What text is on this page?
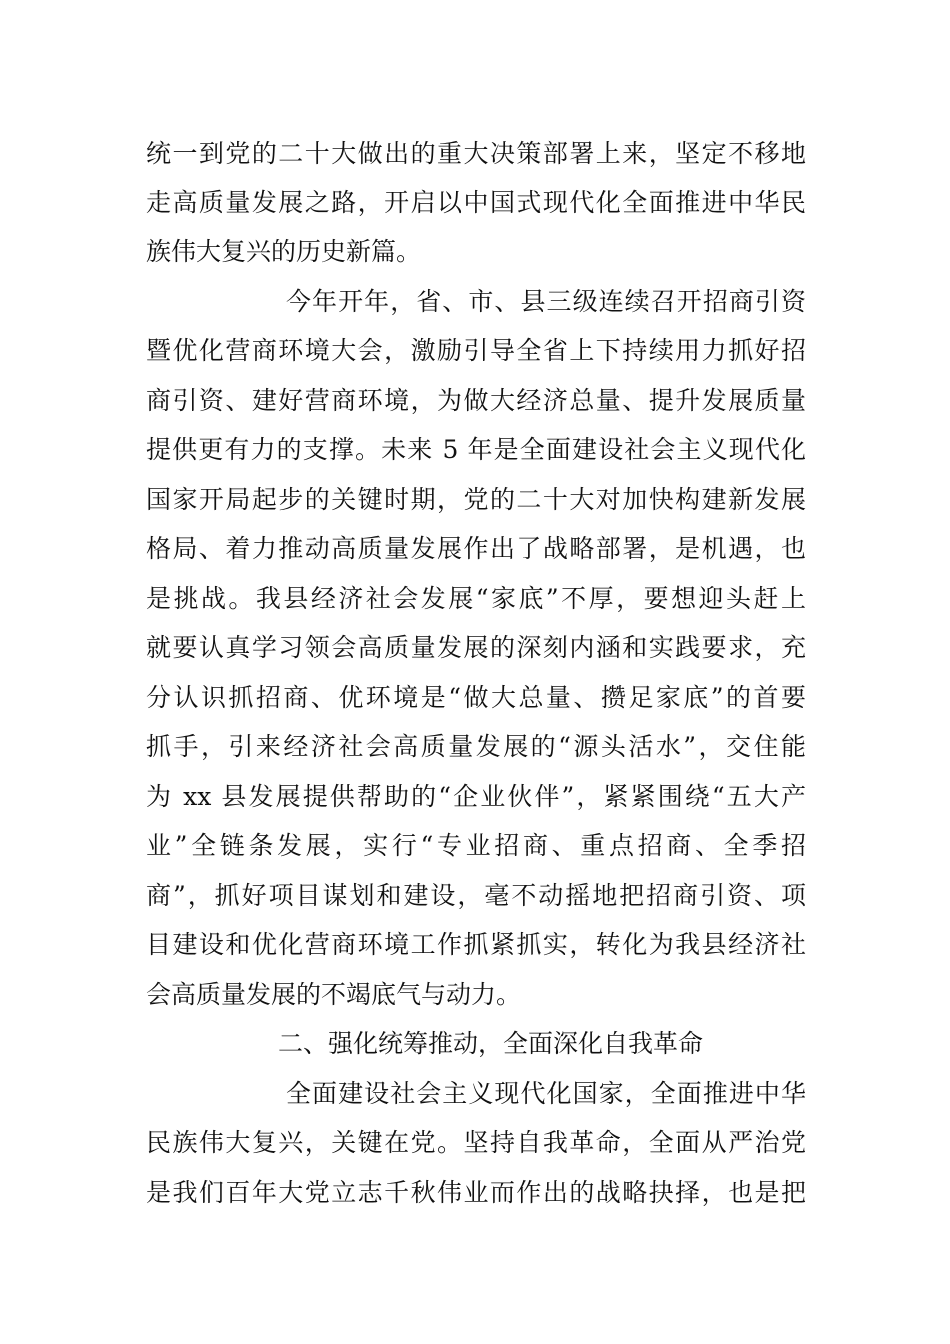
统一到党的二十大做出的重大决策部署上来，坚定不移地
走高质量发展之路，开启以中国式现代化全面推进中华民
族伟大复兴的历史新篇。
今年开年，省、市、县三级连续召开招商引资
暨优化营商环境大会，激励引导全省上下持续用力抓好招
商引资、建好营商环境，为做大经济总量、提升发展质量
提供更有力的支撑。未来 5 年是全面建设社会主义现代化
国家开局起步的关键时期，党的二十大对加快构建新发展
格局、着力推动高质量发展作出了战略部署，是机遇，也
是挑战。我县经济社会发展“家底”不厚，要想迎头赶上
就要认真学习领会高质量发展的深刻内涵和实践要求，充
分认识抓招商、优环境是“做大总量、攒足家底”的首要
抓手，引来经济社会高质量发展的“源头活水”，交住能
为 xx 县发展提供帮助的“企业伙伴”，紧紧围绕“五大产
业”全链条发展，实行“专业招商、重点招商、全季招
商”，抓好项目谋划和建设，毫不动摇地把招商引资、项
目建设和优化营商环境工作抓紧抓实，转化为我县经济社
会高质量发展的不竭底气与动力。
二、强化统筹推动，全面深化自我革命
全面建设社会主义现代化国家，全面推进中华
民族伟大复兴，关键在党。坚持自我革命，全面从严治党
是我们百年大党立志千秋伟业而作出的战略抉择，也是把
